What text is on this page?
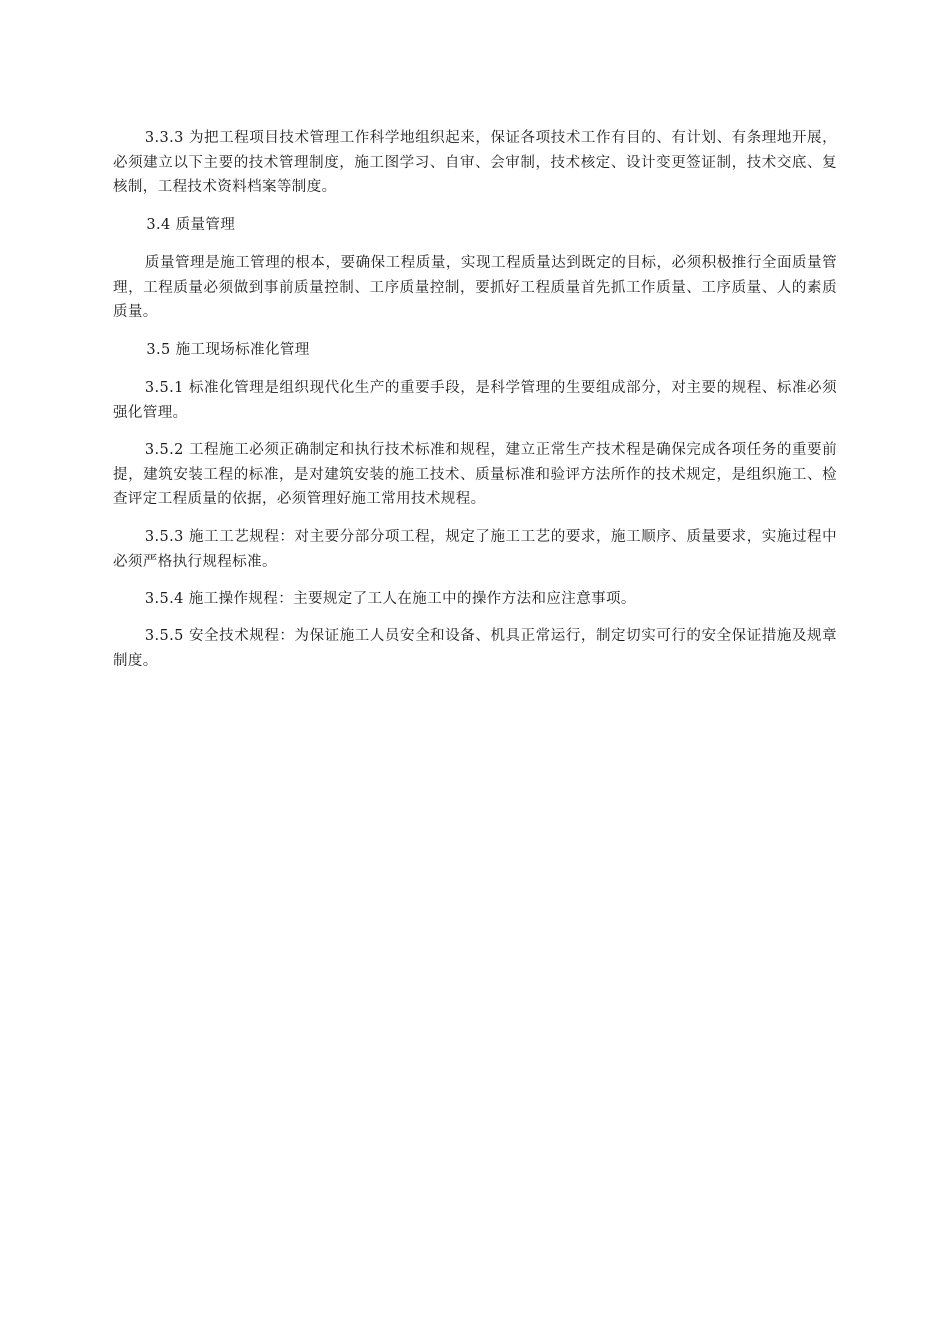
3.3.3 为把工程项目技术管理工作科学地组织起来，保证各项技术工作有目的、有计划、有条理地开展，必须建立以下主要的技术管理制度，施工图学习、自审、会审制，技术核定、设计变更签证制，技术交底、复核制，工程技术资料档案等制度。

3.4 质量管理

质量管理是施工管理的根本，要确保工程质量，实现工程质量达到既定的目标，必须积极推行全面质量管理，工程质量必须做到事前质量控制、工序质量控制，要抓好工程质量首先抓工作质量、工序质量、人的素质质量。

3.5 施工现场标准化管理

3.5.1 标准化管理是组织现代化生产的重要手段，是科学管理的生要组成部分，对主要的规程、标准必须强化管理。

3.5.2 工程施工必须正确制定和执行技术标准和规程，建立正常生产技术程是确保完成各项任务的重要前提，建筑安装工程的标准，是对建筑安装的施工技术、质量标准和验评方法所作的技术规定，是组织施工、检查评定工程质量的依据，必须管理好施工常用技术规程。

3.5.3 施工工艺规程：对主要分部分项工程，规定了施工工艺的要求，施工顺序、质量要求，实施过程中必须严格执行规程标准。

3.5.4 施工操作规程：主要规定了工人在施工中的操作方法和应注意事项。

3.5.5 安全技术规程：为保证施工人员安全和设备、机具正常运行，制定切实可行的安全保证措施及规章制度。
